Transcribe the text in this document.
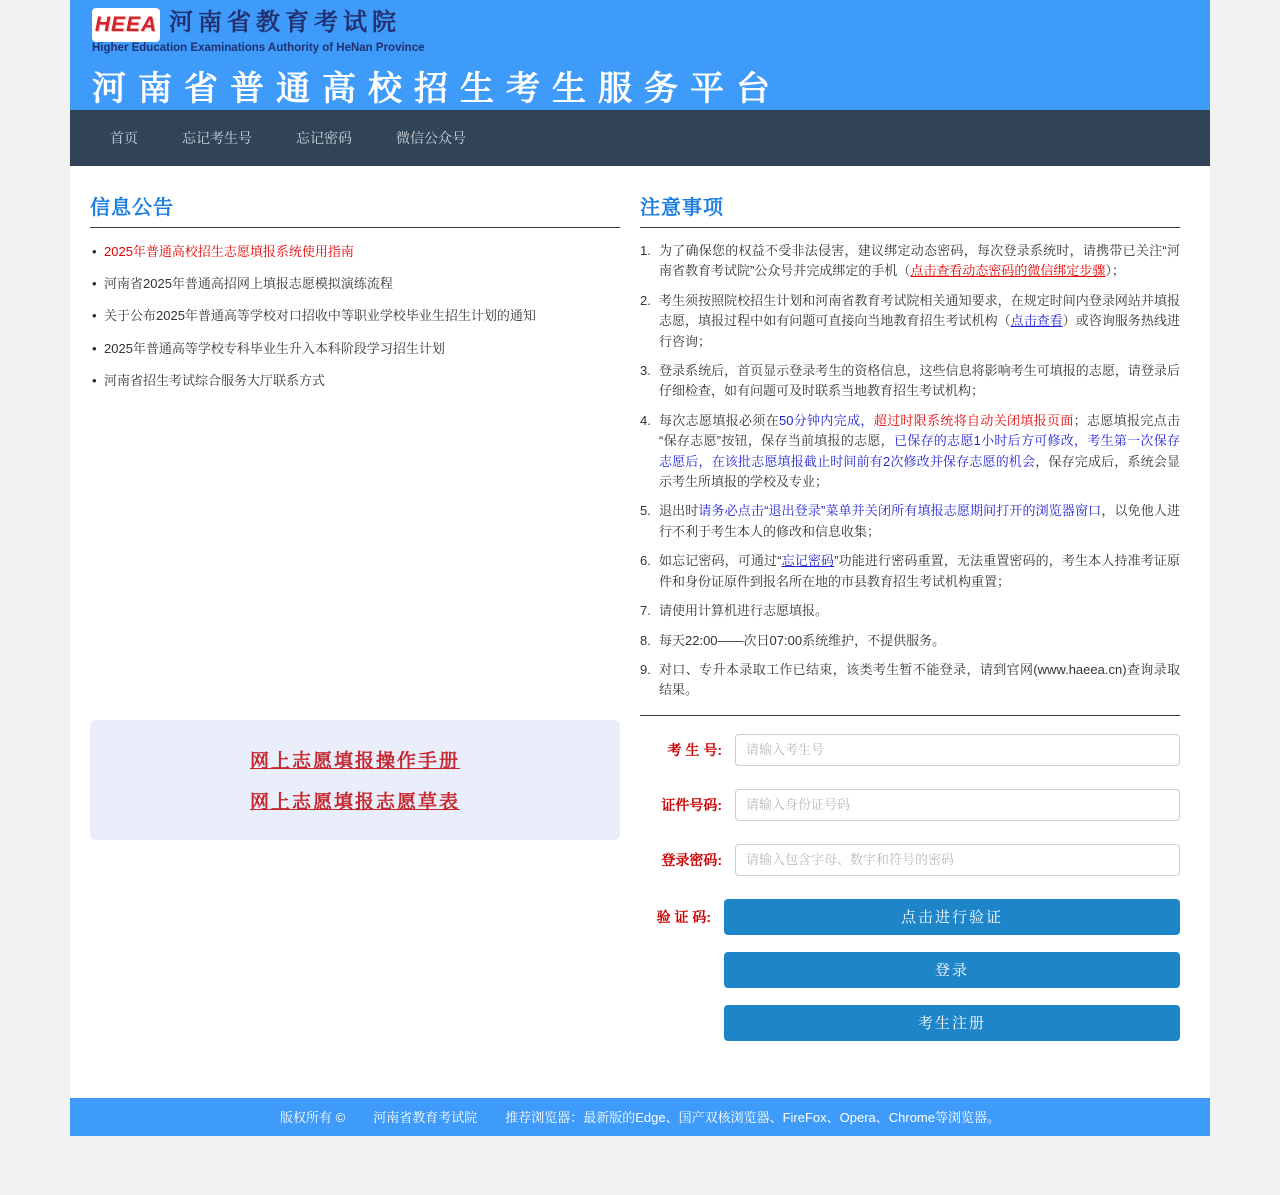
HEEA 河南省教育考试院
Higher Education Examinations Authority of HeNan Province
河南省普通高校招生考生服务平台
首页	忘记考生号	忘记密码	微信公众号
信息公告
• 2025年普通高校招生志愿填报系统使用指南
• 河南省2025年普通高招网上填报志愿模拟演练流程
• 关于公布2025年普通高等学校对口招收中等职业学校毕业生招生计划的通知
• 2025年普通高等学校专科毕业生升入本科阶段学习招生计划
• 河南省招生考试综合服务大厅联系方式
网上志愿填报操作手册
网上志愿填报志愿草表
注意事项
为了确保您的权益不受非法侵害，建议绑定动态密码，每次登录系统时，请携带已关注“河南省教育考试院”公众号并完成绑定的手机（点击查看动态密码的微信绑定步骤）；
考生须按照院校招生计划和河南省教育考试院相关通知要求，在规定时间内登录网站并填报志愿，填报过程中如有问题可直接向当地教育招生考试机构（点击查看）或咨询服务热线进行咨询；
登录系统后，首页显示登录考生的资格信息，这些信息将影响考生可填报的志愿，请登录后仔细检查，如有问题可及时联系当地教育招生考试机构；
每次志愿填报必须在50分钟内完成，超过时限系统将自动关闭填报页面；志愿填报完点击“保存志愿”按钮，保存当前填报的志愿，已保存的志愿1小时后方可修改，考生第一次保存志愿后，在该批志愿填报截止时间前有2次修改并保存志愿的机会，保存完成后，系统会显示考生所填报的学校及专业；
退出时请务必点击“退出登录”菜单并关闭所有填报志愿期间打开的浏览器窗口，以免他人进行不利于考生本人的修改和信息收集；
如忘记密码，可通过“忘记密码”功能进行密码重置，无法重置密码的，考生本人持准考证原件和身份证原件到报名所在地的市县教育招生考试机构重置；
请使用计算机进行志愿填报。
每天22:00——次日07:00系统维护，不提供服务。
对口、专升本录取工作已结束，该类考生暂不能登录，请到官网(www.haeea.cn)查询录取结果。
考 生 号:
请输入考生号
证件号码:
请输入身份证号码
登录密码:
验 证 码:	点击进行验证
登录
考生注册
版权所有 © 河南省教育考试院 推荐浏览器：最新版的Edge、国产双核浏览器、FireFox、Opera、Chrome等浏览器。
